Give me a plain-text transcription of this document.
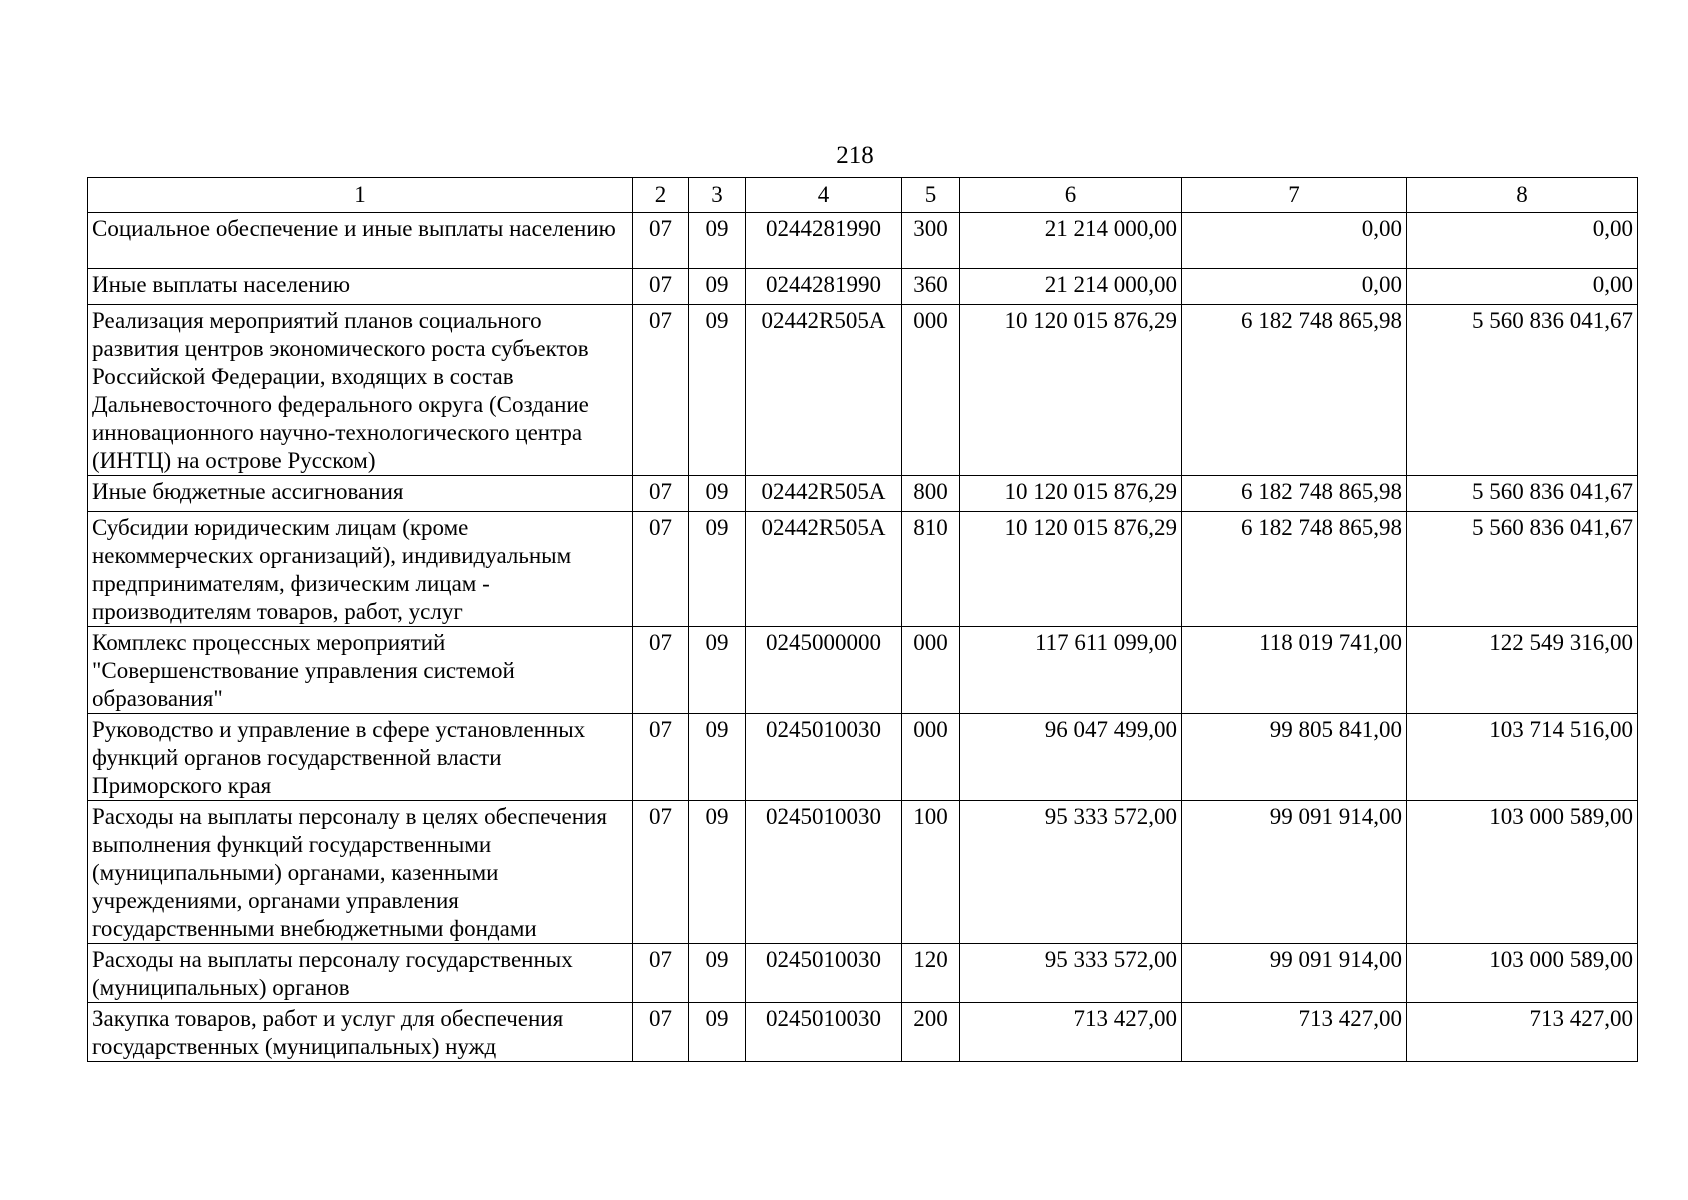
218
1	2	3	4	5	6	7	8
Социальное обеспечение и иные выплаты населению	07	09	0244281990	300	21 214 000,00	0,00	0,00
Иные выплаты населению	07	09	0244281990	360	21 214 000,00	0,00	0,00
Реализация мероприятий планов социального развития центров экономического роста субъектов Российской Федерации, входящих в состав Дальневосточного федерального округа (Создание инновационного научно-технологического центра (ИНТЦ) на острове Русском)	07	09	02442R505A	000	10 120 015 876,29	6 182 748 865,98	5 560 836 041,67
Иные бюджетные ассигнования	07	09	02442R505A	800	10 120 015 876,29	6 182 748 865,98	5 560 836 041,67
Субсидии юридическим лицам (кроме некоммерческих организаций), индивидуальным предпринимателям, физическим лицам - производителям товаров, работ, услуг	07	09	02442R505A	810	10 120 015 876,29	6 182 748 865,98	5 560 836 041,67
Комплекс процессных мероприятий "Совершенствование управления системой образования"	07	09	0245000000	000	117 611 099,00	118 019 741,00	122 549 316,00
Руководство и управление в сфере установленных функций органов государственной власти Приморского края	07	09	0245010030	000	96 047 499,00	99 805 841,00	103 714 516,00
Расходы на выплаты персоналу в целях обеспечения выполнения функций государственными (муниципальными) органами, казенными учреждениями, органами управления государственными внебюджетными фондами	07	09	0245010030	100	95 333 572,00	99 091 914,00	103 000 589,00
Расходы на выплаты персоналу государственных (муниципальных) органов	07	09	0245010030	120	95 333 572,00	99 091 914,00	103 000 589,00
Закупка товаров, работ и услуг для обеспечения государственных (муниципальных) нужд	07	09	0245010030	200	713 427,00	713 427,00	713 427,00
